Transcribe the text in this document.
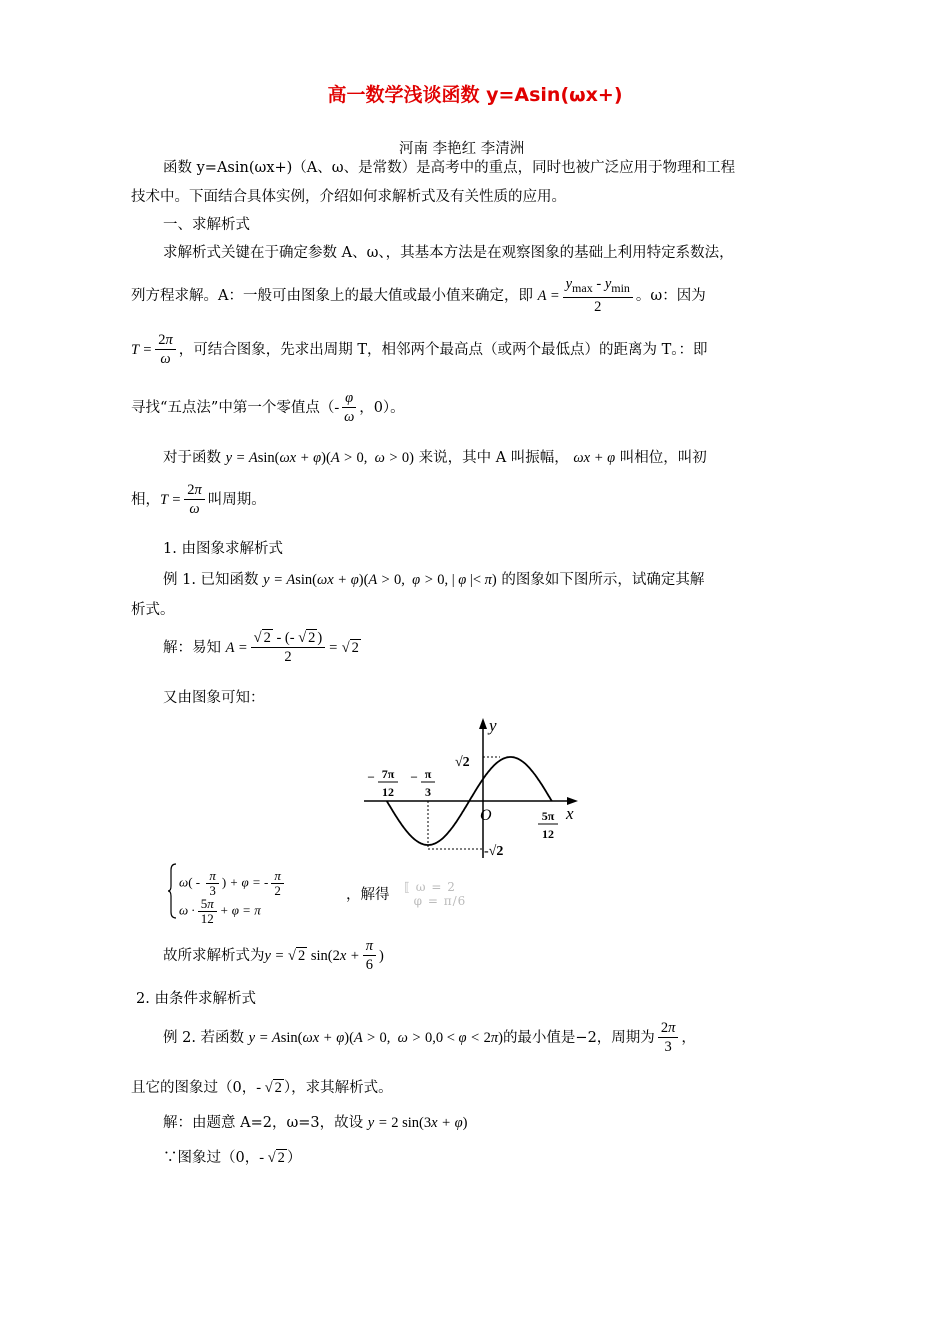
高一数学浅谈函数 y=Asin(ωx+)
河南 李艳红 李清洲
函数 y=Asin(ωx+)（A、ω、是常数）是高考中的重点，同时也被广泛应用于物理和工程
技术中。下面结合具体实例，介绍如何求解析式及有关性质的应用。
一、求解析式
求解析式关键在于确定参数 A、ω、，其基本方法是在观察图象的基础上利用特定系数法，
列方程求解。A：一般可由图象上的最大值或最小值来确定，即 $A = \frac{y_{max} - y_{min}}{2}$ 。ω：因为
$T = \frac{2\pi}{\omega}$ ，可结合图象，先求出周期 T，相邻两个最高点（或两个最低点）的距离为 T。：即
寻找“五点法”中第一个零值点（- $\frac{\varphi}{\omega}$ ，0）。
对于函数 y = Asin(ωx + φ)(A > 0,  ω > 0) 来说，其中 A 叫振幅， ωx + φ 叫相位，叫初
相，$T = \frac{2\pi}{\omega}$ 叫周期。
1. 由图象求解析式
例 1. 已知函数 y = Asin(ωx + φ)(A > 0,  φ > 0, | φ |< π) 的图象如下图所示，试确定其解
析式。
解：易知 $A = \frac{√ 2 - (- √ 2 )}{2}$ = √ 2
又由图象可知：
y
x
O
√2
-√2
– 7π
12
– π
3
5π
12
$\omega( - \frac{\pi}{3}$ ) + φ = - $\frac{\pi}{2}$
$\omega \cdot \frac{5\pi}{12} + \varphi = \pi$
，解得 ⟦ ω = 2
φ = π/6
故所求解析式为y = √ 2 $\sin(2x + \frac{\pi}{6}$ )
2. 由条件求解析式
例 2. 若函数 y = Asin(ωx + φ)(A > 0,  ω > 0,0 < φ < 2π)的最小值是−2，周期为 $\frac{2\pi}{3}$ ，
且它的图象过（0，- √ 2 ），求其解析式。
解：由题意 A=2，ω=3，故设 y = 2 sin(3x + φ)
∵图象过（0，- √ 2 ）
